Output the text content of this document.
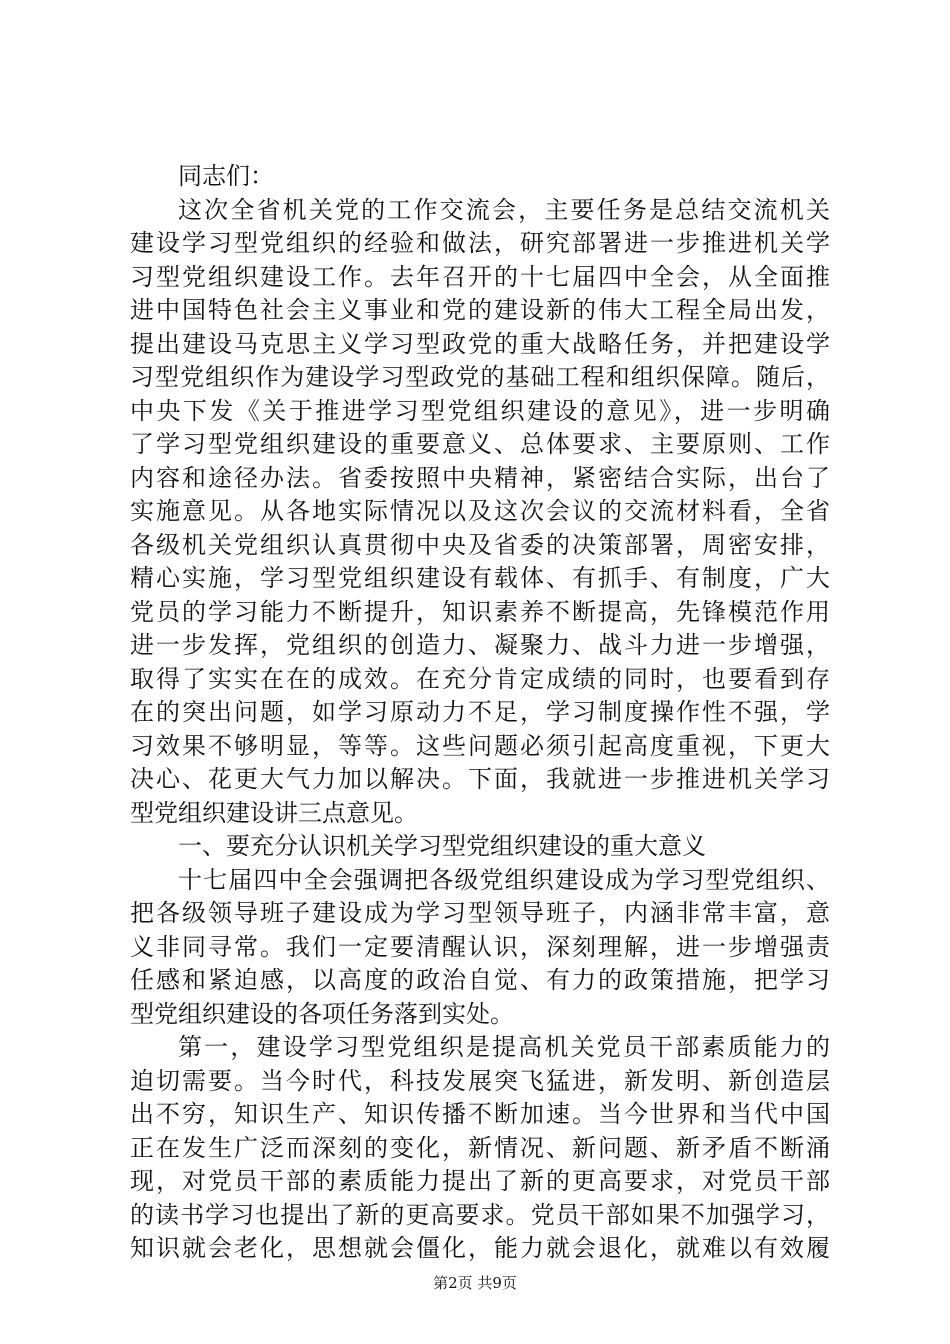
同志们：
这次全省机关党的工作交流会，主要任务是总结交流机关
建设学习型党组织的经验和做法，研究部署进一步推进机关学
习型党组织建设工作。去年召开的十七届四中全会，从全面推
进中国特色社会主义事业和党的建设新的伟大工程全局出发，
提出建设马克思主义学习型政党的重大战略任务，并把建设学
习型党组织作为建设学习型政党的基础工程和组织保障。随后，
中央下发《关于推进学习型党组织建设的意见》，进一步明确
了学习型党组织建设的重要意义、总体要求、主要原则、工作
内容和途径办法。省委按照中央精神，紧密结合实际，出台了
实施意见。从各地实际情况以及这次会议的交流材料看，全省
各级机关党组织认真贯彻中央及省委的决策部署，周密安排，
精心实施，学习型党组织建设有载体、有抓手、有制度，广大
党员的学习能力不断提升，知识素养不断提高，先锋模范作用
进一步发挥，党组织的创造力、凝聚力、战斗力进一步增强，
取得了实实在在的成效。在充分肯定成绩的同时，也要看到存
在的突出问题，如学习原动力不足，学习制度操作性不强，学
习效果不够明显，等等。这些问题必须引起高度重视，下更大
决心、花更大气力加以解决。下面，我就进一步推进机关学习
型党组织建设讲三点意见。
一、要充分认识机关学习型党组织建设的重大意义
十七届四中全会强调把各级党组织建设成为学习型党组织、
把各级领导班子建设成为学习型领导班子，内涵非常丰富，意
义非同寻常。我们一定要清醒认识，深刻理解，进一步增强责
任感和紧迫感，以高度的政治自觉、有力的政策措施，把学习
型党组织建设的各项任务落到实处。
第一，建设学习型党组织是提高机关党员干部素质能力的
迫切需要。当今时代，科技发展突飞猛进，新发明、新创造层
出不穷，知识生产、知识传播不断加速。当今世界和当代中国
正在发生广泛而深刻的变化，新情况、新问题、新矛盾不断涌
现，对党员干部的素质能力提出了新的更高要求，对党员干部
的读书学习也提出了新的更高要求。党员干部如果不加强学习，
知识就会老化，思想就会僵化，能力就会退化，就难以有效履
第2页 共9页
